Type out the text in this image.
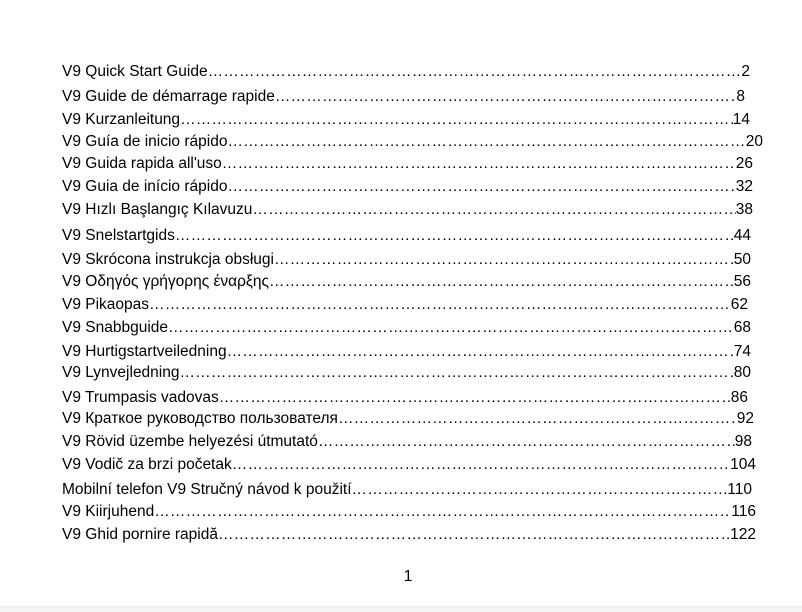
V9 Quick Start Guide ………………………………………………………………………………………………………………………………………………………………………………………	2
V9 Guide de démarrage rapide ………………………………………………………………………………………………………………………………………………………………………………………	8
V9 Kurzanleitung ………………………………………………………………………………………………………………………………………………………………………………………	14
V9 Guía de inicio rápido ………………………………………………………………………………………………………………………………………………………………………………………	20
V9 Guida rapida all'uso ………………………………………………………………………………………………………………………………………………………………………………………	26
V9 Guia de início rápido ………………………………………………………………………………………………………………………………………………………………………………………	32
V9 Hızlı Başlangıç Kılavuzu ………………………………………………………………………………………………………………………………………………………………………………………	38
V9 Snelstartgids ………………………………………………………………………………………………………………………………………………………………………………………	44
V9 Skrócona instrukcja obsługi ………………………………………………………………………………………………………………………………………………………………………………………	50
V9 Οδηγός γρήγορης έναρξης ………………………………………………………………………………………………………………………………………………………………………………………	56
V9 Pikaopas ………………………………………………………………………………………………………………………………………………………………………………………	62
V9 Snabbguide ………………………………………………………………………………………………………………………………………………………………………………………	68
V9 Hurtigstartveiledning ………………………………………………………………………………………………………………………………………………………………………………………	74
V9 Lynvejledning ………………………………………………………………………………………………………………………………………………………………………………………	80
V9 Trumpasis vadovas ………………………………………………………………………………………………………………………………………………………………………………………	86
V9 Краткое руководство пользователя ………………………………………………………………………………………………………………………………………………………………………………………	92
V9 Rövid üzembe helyezési útmutató ………………………………………………………………………………………………………………………………………………………………………………………	98
V9 Vodič za brzi početak ………………………………………………………………………………………………………………………………………………………………………………………	104
Mobilní telefon V9 Stručný návod k použití ………………………………………………………………………………………………………………………………………………………………………………………	110
V9 Kiirjuhend ………………………………………………………………………………………………………………………………………………………………………………………	116
V9 Ghid pornire rapidă ………………………………………………………………………………………………………………………………………………………………………………………	122
1
